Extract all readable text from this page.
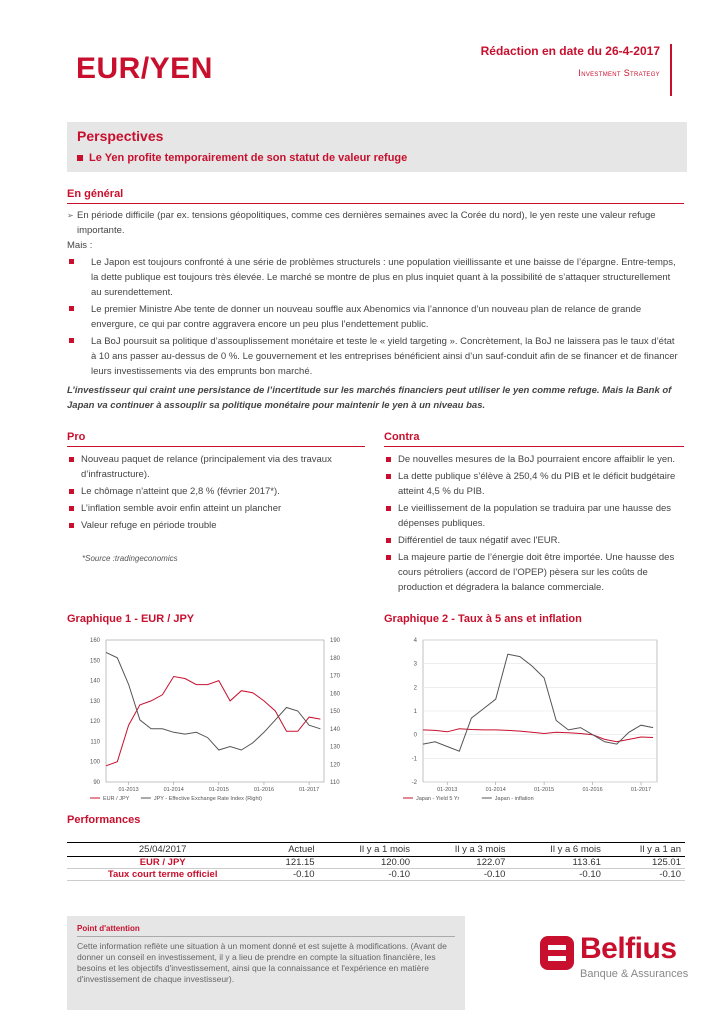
EUR/YEN
Rédaction en date du 26-4-2017
Investment Strategy
Perspectives
Le Yen profite temporairement de son statut de valeur refuge
En général
➢ En période difficile (par ex. tensions géopolitiques, comme ces dernières semaines avec la Corée du nord), le yen reste une valeur refuge importante.
Mais :
Le Japon est toujours confronté à une série de problèmes structurels : une population vieillissante et une baisse de l’épargne. Entre-temps, la dette publique est toujours très élevée. Le marché se montre de plus en plus inquiet quant à la possibilité de s’attaquer structurellement au surendettement.
Le premier Ministre Abe tente de donner un nouveau souffle aux Abenomics via l’annonce d’un nouveau plan de relance de grande envergure, ce qui par contre aggravera encore un peu plus l’endettement public.
La BoJ poursuit sa politique d’assouplissement monétaire et teste le « yield targeting ». Concrètement, la BoJ ne laissera pas le taux d’état à 10 ans passer au-dessus de 0 %. Le gouvernement et les entreprises bénéficient ainsi d’un sauf-conduit afin de se financer et de financer leurs investissements via des emprunts bon marché.
L’investisseur qui craint une persistance de l’incertitude sur les marchés financiers peut utiliser le yen comme refuge. Mais la Bank of Japan va continuer à assouplir sa politique monétaire pour maintenir le yen à un niveau bas.
Pro
Nouveau paquet de relance (principalement via des travaux d’infrastructure).
Le chômage n'atteint que 2,8 % (février 2017*).
L’inflation semble avoir enfin atteint un plancher
Valeur refuge en période trouble
*Source :tradingeconomics
Contra
De nouvelles mesures de la BoJ pourraient encore affaiblir le yen.
La dette publique s’élève à 250,4 % du PIB et le déficit budgétaire atteint 4,5 % du PIB.
Le vieillissement de la population se traduira par une hausse des dépenses publiques.
Différentiel de taux négatif avec l'EUR.
La majeure partie de l’énergie doit être importée. Une hausse des cours pétroliers (accord de l’OPEP) pèsera sur les coûts de production et dégradera la balance commerciale.
Graphique 1 - EUR / JPY	Graphique 2 - Taux à 5 ans et inflation
90
100
110
120
130
140
150
160
110
120
130
140
150
160
170
180
190
01-2013	01-2014	01-2015	01-2016	01-2017
EUR / JPY	JPY - Effective Exchange Rate Index (Right)
-2
-1
0
1
2
3
4
01-2013	01-2014	01-2015	01-2016	01-2017
Japan - Yield 5 Yr	Japan - inflation
Performances
25/04/2017	Actuel	Il y a 1 mois	Il y a 3 mois	Il y a 6 mois	Il y a 1 an
EUR / JPY	121.15	120.00	122.07	113.61	125.01
Taux court terme officiel	-0.10	-0.10	-0.10	-0.10	-0.10
Point d'attention
Cette information reflète une situation à un moment donné et est sujette à modifications. (Avant de donner un conseil en investissement, il y a lieu de prendre en compte la situation financière, les besoins et les objectifs d'investissement, ainsi que la connaissance et l'expérience en matière d'investissement de chaque investisseur).
Belfius
Banque & Assurances
